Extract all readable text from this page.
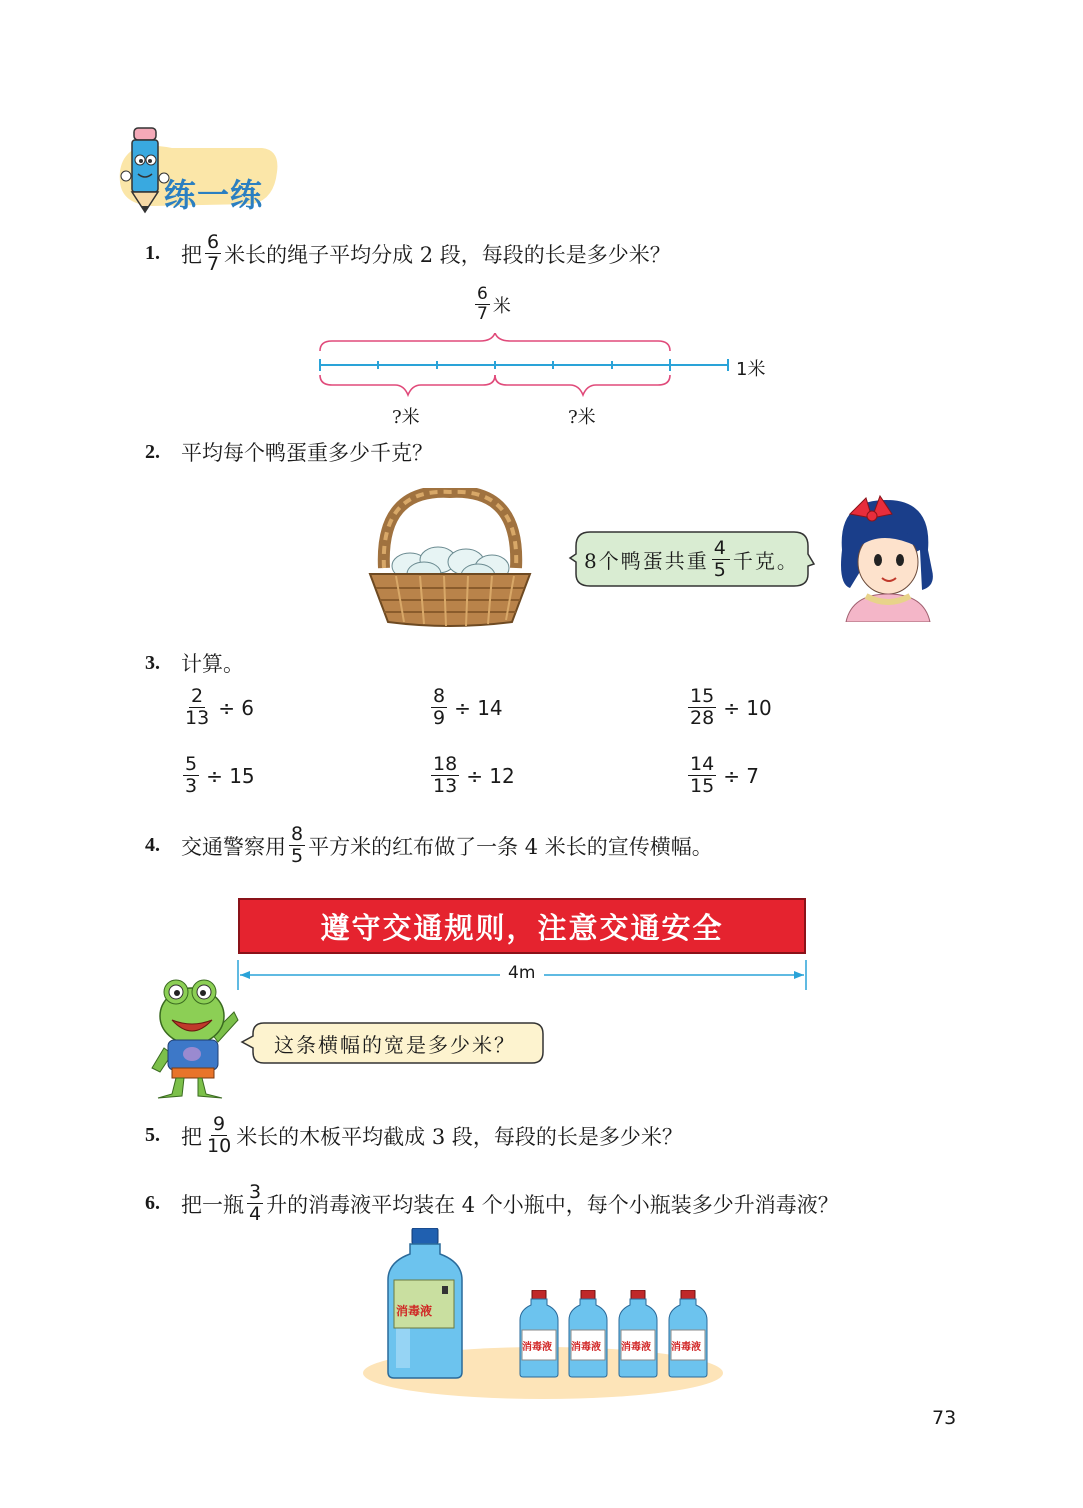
练一练
1.	把 $\frac{6}{7}$ 米长的绳子平均分成 2 段，每段的长是多少米？
$\frac{6}{7}$ 米
1米
?米	?米
2.	平均每个鸭蛋重多少千克？
8个鸭蛋共重 $\frac{4}{5}$ 千克。
3.	计算。
$\frac{2}{13} \div 6$	$\frac{8}{9} \div 14$	$\frac{15}{28} \div 10$
$\frac{5}{3} \div 15$	$\frac{18}{13} \div 12$	$\frac{14}{15} \div 7$
4.	交通警察用 $\frac{8}{5}$ 平方米的红布做了一条 4 米长的宣传横幅。
遵守交通规则，注意交通安全
4m
这条横幅的宽是多少米？
5.	把 $\frac{9}{10}$ 米长的木板平均截成 3 段，每段的长是多少米？
6.	把一瓶 $\frac{3}{4}$ 升的消毒液平均装在 4 个小瓶中，每个小瓶装多少升消毒液？
消毒液
消毒液 消毒液 消毒液 消毒液
73
